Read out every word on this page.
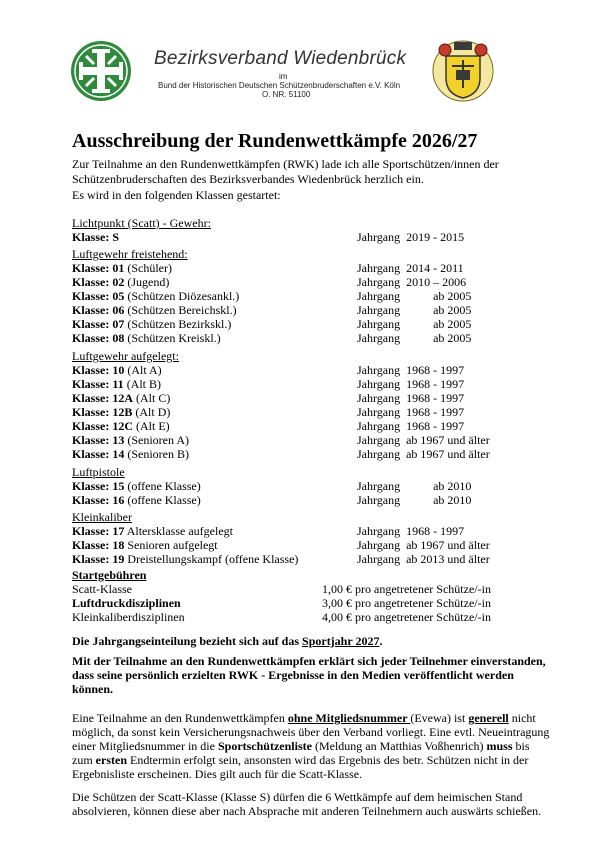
Bezirksverband Wiedenbrück
im
Bund der Historischen Deutschen Schützenbruderschaften e.V. Köln
O. NR. 51100
Ausschreibung der Rundenwettkämpfe 2026/27
Zur Teilnahme an den Rundenwettkämpfen (RWK) lade ich alle Sportschützen/innen der
Schützenbruderschaften des Bezirksverbandes Wiedenbrück herzlich ein.
Es wird in den folgenden Klassen gestartet:
Lichtpunkt (Scatt) - Gewehr:
Klasse: S	Jahrgang 2019 - 2015
Luftgewehr freistehend:
Klasse: 01 (Schüler)	Jahrgang 2014 - 2011
Klasse: 02 (Jugend)	Jahrgang 2010 – 2006
Klasse: 05 (Schützen Diözesankl.)	Jahrgang	ab 2005
Klasse: 06 (Schützen Bereichskl.)	Jahrgang	ab 2005
Klasse: 07 (Schützen Bezirkskl.)	Jahrgang	ab 2005
Klasse: 08 (Schützen Kreiskl.)	Jahrgang	ab 2005
Luftgewehr aufgelegt:
Klasse: 10 (Alt A)	Jahrgang 1968 - 1997
Klasse: 11 (Alt B)	Jahrgang 1968 - 1997
Klasse: 12A (Alt C)	Jahrgang 1968 - 1997
Klasse: 12B (Alt D)	Jahrgang 1968 - 1997
Klasse: 12C (Alt E)	Jahrgang 1968 - 1997
Klasse: 13 (Senioren A)	Jahrgang ab 1967 und älter
Klasse: 14 (Senioren B)	Jahrgang ab 1967 und älter
Luftpistole
Klasse: 15 (offene Klasse)	Jahrgang	ab 2010
Klasse: 16 (offene Klasse)	Jahrgang	ab 2010
Kleinkaliber
Klasse: 17 Altersklasse aufgelegt	Jahrgang 1968 - 1997
Klasse: 18 Senioren aufgelegt	Jahrgang ab 1967 und älter
Klasse: 19 Dreistellungskampf (offene Klasse)	Jahrgang ab 2013 und älter
Startgebühren
Scatt-Klasse	1,00 € pro angetretener Schütze/-in
Luftdruckdisziplinen	3,00 € pro angetretener Schütze/-in
Kleinkaliberdisziplinen	4,00 € pro angetretener Schütze/-in
Die Jahrgangseinteilung bezieht sich auf das Sportjahr 2027.
Mit der Teilnahme an den Rundenwettkämpfen erklärt sich jeder Teilnehmer einverstanden,
dass seine persönlich erzielten RWK - Ergebnisse in den Medien veröffentlicht werden
können.
Eine Teilnahme an den Rundenwettkämpfen ohne Mitgliedsnummer (Evewa) ist generell nicht
möglich, da sonst kein Versicherungsnachweis über den Verband vorliegt. Eine evtl. Neueintragung
einer Mitgliedsnummer in die Sportschützenliste (Meldung an Matthias Voßhenrich) muss bis
zum ersten Endtermin erfolgt sein, ansonsten wird das Ergebnis des betr. Schützen nicht in der
Ergebnisliste erscheinen. Dies gilt auch für die Scatt-Klasse.
Die Schützen der Scatt-Klasse (Klasse S) dürfen die 6 Wettkämpfe auf dem heimischen Stand
absolvieren, können diese aber nach Absprache mit anderen Teilnehmern auch auswärts schießen.
